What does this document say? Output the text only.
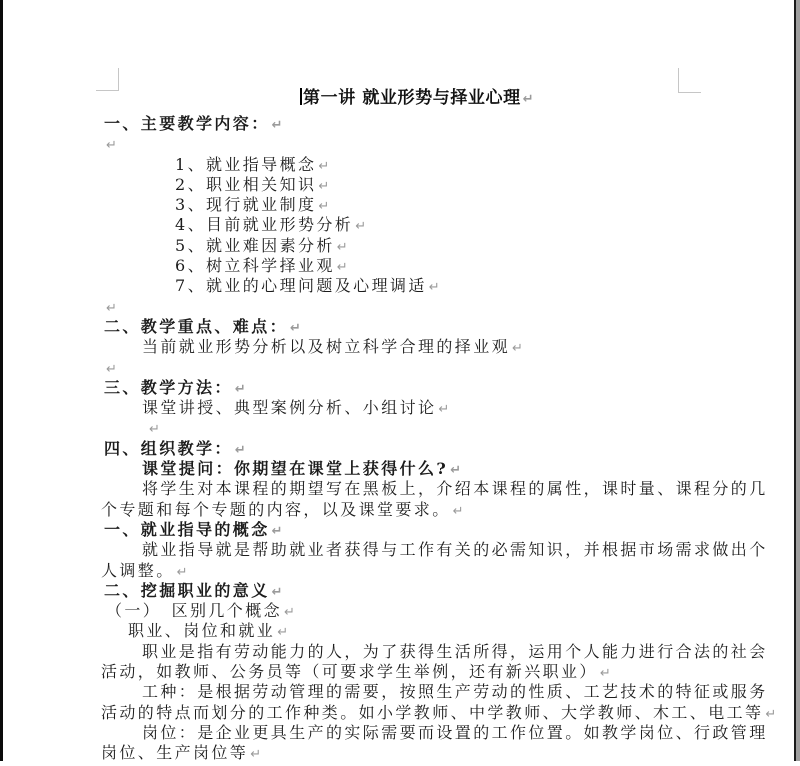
第一讲 就业形势与择业心理 ↵
一、主要教学内容： ↵
↵
1、就业指导概念 ↵
2、职业相关知识 ↵
3、现行就业制度 ↵
4、目前就业形势分析 ↵
5、就业难因素分析 ↵
6、树立科学择业观 ↵
7、就业的心理问题及心理调适 ↵
↵
二、教学重点、难点： ↵
当前就业形势分析以及树立科学合理的择业观 ↵
↵
三、教学方法： ↵
课堂讲授、典型案例分析、小组讨论 ↵
↵
四、组织教学： ↵
课堂提问：你期望在课堂上获得什么? ↵
将学生对本课程的期望写在黑板上，介绍本课程的属性，课时量、课程分的几
个专题和每个专题的内容，以及课堂要求。 ↵
一、就业指导的概念 ↵
就业指导就是帮助就业者获得与工作有关的必需知识，并根据市场需求做出个
人调整。 ↵
二、挖掘职业的意义 ↵
（一）　区别几个概念 ↵
职业、岗位和就业 ↵
职业是指有劳动能力的人，为了获得生活所得，运用个人能力进行合法的社会
活动，如教师、公务员等（可要求学生举例，还有新兴职业） ↵
工种：是根据劳动管理的需要，按照生产劳动的性质、工艺技术的特征或服务
活动的特点而划分的工作种类。如小学教师、中学教师、大学教师、木工、电工等 ↵
岗位：是企业更具生产的实际需要而设置的工作位置。如教学岗位、行政管理
岗位、生产岗位等 ↵
